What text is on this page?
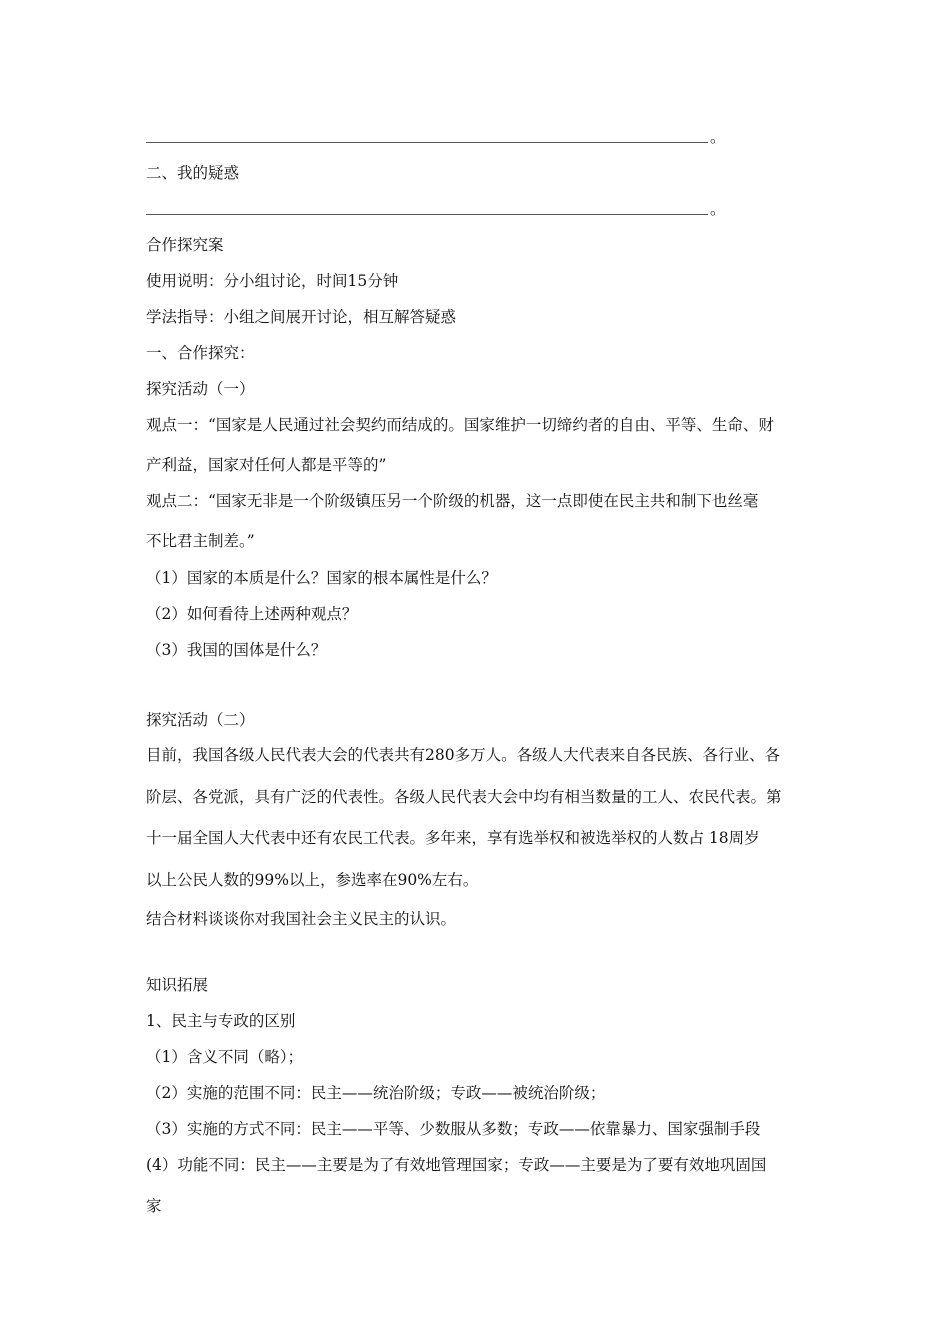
。
二、我的疑惑
。
合作探究案
使用说明：分小组讨论，时间15分钟
学法指导：小组之间展开讨论，相互解答疑惑
一、合作探究：
探究活动（一）
观点一：“国家是人民通过社会契约而结成的。国家维护一切缔约者的自由、平等、生命、财
产利益，国家对任何人都是平等的”
观点二：“国家无非是一个阶级镇压另一个阶级的机器，这一点即使在民主共和制下也丝毫
不比君主制差。”
（1）国家的本质是什么？国家的根本属性是什么？
（2）如何看待上述两种观点？
（3）我国的国体是什么？
探究活动（二）
目前，我国各级人民代表大会的代表共有280多万人。各级人大代表来自各民族、各行业、各
阶层、各党派，具有广泛的代表性。各级人民代表大会中均有相当数量的工人、农民代表。第
十一届全国人大代表中还有农民工代表。多年来，享有选举权和被选举权的人数占 18周岁
以上公民人数的99%以上，参选率在90%左右。
结合材料谈谈你对我国社会主义民主的认识。
知识拓展
1、民主与专政的区别
（1）含义不同（略）；
（2）实施的范围不同：民主——统治阶级；专政——被统治阶级；
（3）实施的方式不同：民主——平等、少数服从多数；专政——依靠暴力、国家强制手段
(4）功能不同：民主——主要是为了有效地管理国家；专政——主要是为了要有效地巩固国
家
